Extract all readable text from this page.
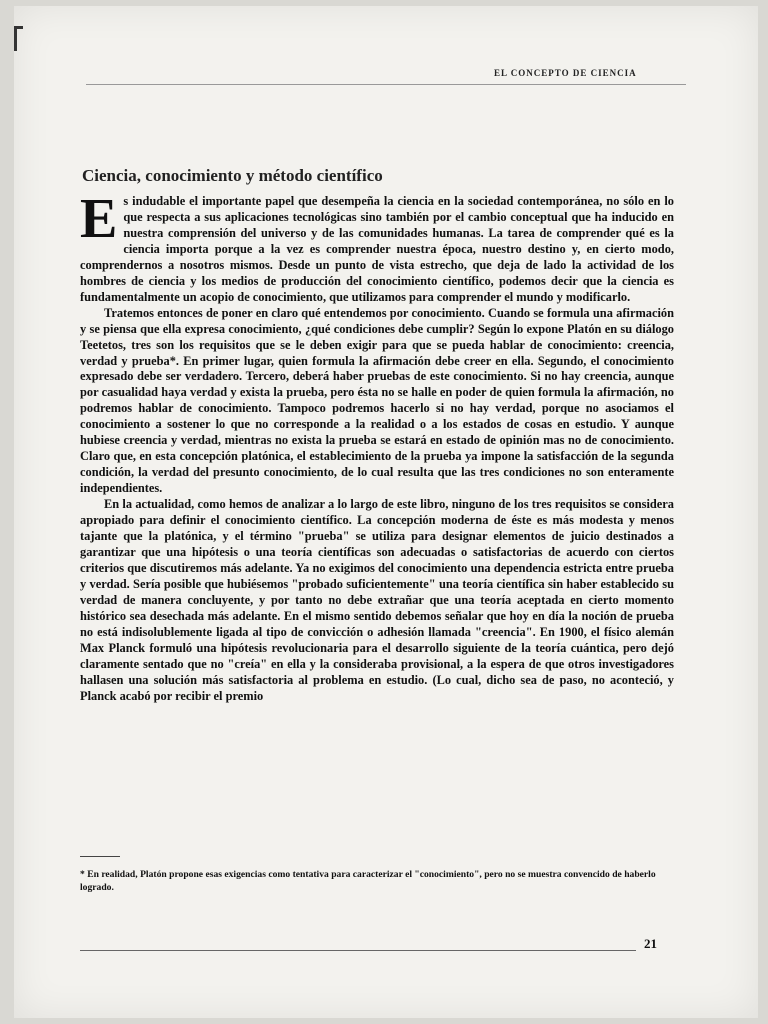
EL CONCEPTO DE CIENCIA
Ciencia, conocimiento y método científico

E s indudable el importante papel que desempeña la ciencia en la sociedad contemporánea, no sólo en lo que respecta a sus aplicaciones tecnológicas sino también por el cambio conceptual que ha inducido en nuestra comprensión del universo y de las comunidades humanas. La tarea de comprender qué es la ciencia importa porque a la vez es comprender nuestra época, nuestro destino y, en cierto modo, comprendernos a nosotros mismos. Desde un punto de vista estrecho, que deja de lado la actividad de los hombres de ciencia y los medios de producción del conocimiento científico, podemos decir que la ciencia es fundamentalmente un acopio de conocimiento, que utilizamos para comprender el mundo y modificarlo.

Tratemos entonces de poner en claro qué entendemos por conocimiento. Cuando se formula una afirmación y se piensa que ella expresa conocimiento, ¿qué condiciones debe cumplir? Según lo expone Platón en su diálogo Teetetos, tres son los requisitos que se le deben exigir para que se pueda hablar de conocimiento: creencia, verdad y prueba*. En primer lugar, quien formula la afirmación debe creer en ella. Segundo, el conocimiento expresado debe ser verdadero. Tercero, deberá haber pruebas de este conocimiento. Si no hay creencia, aunque por casualidad haya verdad y exista la prueba, pero ésta no se halle en poder de quien formula la afirmación, no podremos hablar de conocimiento. Tampoco podremos hacerlo si no hay verdad, porque no asociamos el conocimiento a sostener lo que no corresponde a la realidad o a los estados de cosas en estudio. Y aunque hubiese creencia y verdad, mientras no exista la prueba se estará en estado de opinión mas no de conocimiento. Claro que, en esta concepción platónica, el establecimiento de la prueba ya impone la satisfacción de la segunda condición, la verdad del presunto conocimiento, de lo cual resulta que las tres condiciones no son enteramente independientes.

En la actualidad, como hemos de analizar a lo largo de este libro, ninguno de los tres requisitos se considera apropiado para definir el conocimiento científico. La concepción moderna de éste es más modesta y menos tajante que la platónica, y el término "prueba" se utiliza para designar elementos de juicio destinados a garantizar que una hipótesis o una teoría científicas son adecuadas o satisfactorias de acuerdo con ciertos criterios que discutiremos más adelante. Ya no exigimos del conocimiento una dependencia estricta entre prueba y verdad. Sería posible que hubiésemos "probado suficientemente" una teoría científica sin haber establecido su verdad de manera concluyente, y por tanto no debe extrañar que una teoría aceptada en cierto momento histórico sea desechada más adelante. En el mismo sentido debemos señalar que hoy en día la noción de prueba no está indisolublemente ligada al tipo de convicción o adhesión llamada "creencia". En 1900, el físico alemán Max Planck formuló una hipótesis revolucionaria para el desarrollo siguiente de la teoría cuántica, pero dejó claramente sentado que no "creía" en ella y la consideraba provisional, a la espera de que otros investigadores hallasen una solución más satisfactoria al problema en estudio. (Lo cual, dicho sea de paso, no aconteció, y Planck acabó por recibir el premio

* En realidad, Platón propone esas exigencias como tentativa para caracterizar el "conocimiento", pero no se muestra convencido de haberlo logrado.
21
